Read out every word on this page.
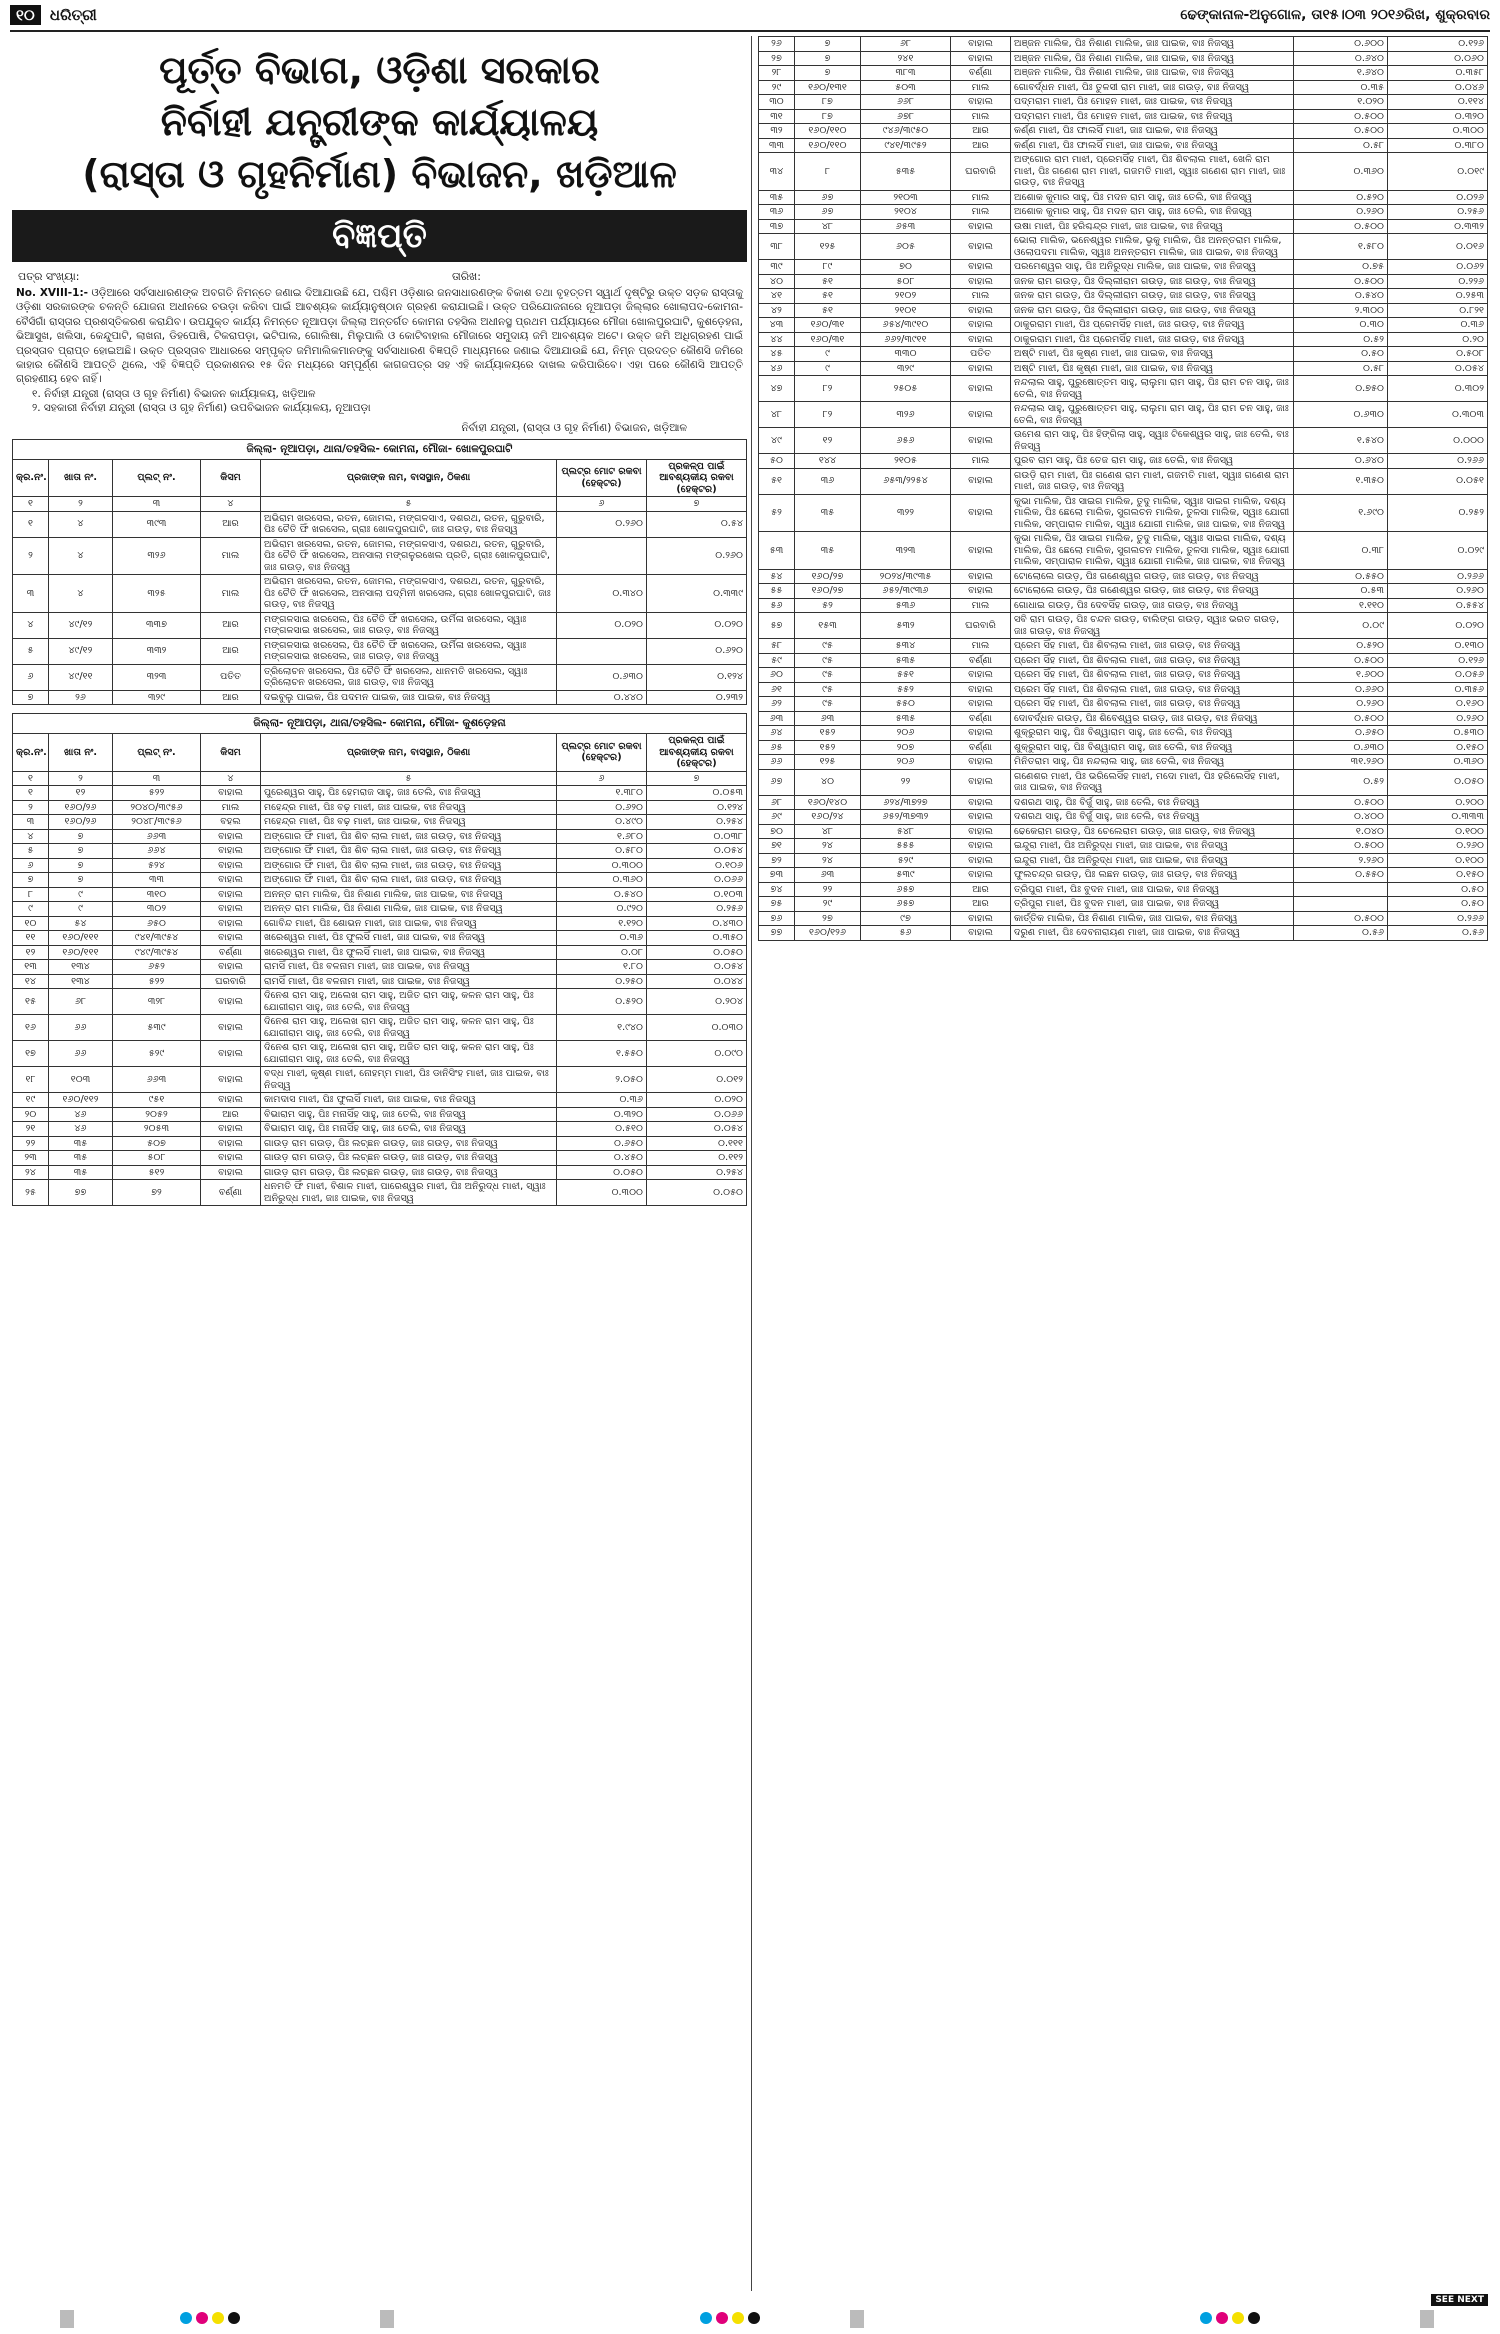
୧୦ ଧରିତ୍ରୀ	ଢେଙ୍କାନାଳ-ଅନୁଗୋଳ, ତା୧୫।୦୩ ୨୦୧୬ରିଖ, ଶୁକ୍ରବାର
ପୂର୍ତ୍ତ ବିଭାଗ, ଓଡ଼ିଶା ସରକାର
ନିର୍ବାହୀ ଯନ୍ତ୍ରୀଙ୍କ କାର୍ଯ୍ୟାଳୟ
(ରାସ୍ତା ଓ ଗୃହନିର୍ମାଣ) ବିଭାଜନ, ଖଡ଼ିଆଳ
ବିଜ୍ଞପ୍ତି
ପତ୍ର ସଂଖ୍ୟା:	ତାରିଖ:
No. XVIII-1:- ଓଡ଼ିଆରେ ସର୍ବସାଧାରଣଙ୍କ ଅବଗତି ନିମନ୍ତେ ଜଣାଇ ଦିଆଯାଉଛି ଯେ, ପଶ୍ଚିମ ଓଡ଼ିଶାର ଜନସାଧାରଣଙ୍କ ବିକାଶ ତଥା ବୃହତ୍ତମ ସ୍ୱାର୍ଥ ଦୃଷ୍ଟିରୁ ଉକ୍ତ ସଡ଼କ ରାସ୍ତାକୁ ଓଡ଼ିଶା ସରକାରଙ୍କ ଚଳନ୍ତି ଯୋଜନା ଅଧୀନରେ ଚଉଡ଼ା କରିବା ପାଇଁ ଆବଶ୍ୟକ କାର୍ଯ୍ୟାନୁଷ୍ଠାନ ଗ୍ରହଣ କରାଯାଇଛି। ଉକ୍ତ ପରିଯୋଜନାରେ ନୂଆପଡ଼ା ଜିଲ୍ଲାର ଖୋଲାପଦ-କୋମନା-ବୈସଁଗାଁ ରାସ୍ତାର ପ୍ରଶସ୍ତିକରଣ କରାଯିବ। ଉପଯୁକ୍ତ କାର୍ଯ୍ୟ ନିମନ୍ତେ ନୂଆପଡ଼ା ଜିଲ୍ଲା ଅନ୍ତର୍ଗତ କୋମନା ତହସିଲ ଅଧୀନସ୍ଥ ପ୍ରଥମ ପର୍ଯ୍ୟାୟରେ ମୌଜା ଖୋଲପୁରଘାଟି, କୁଶଡ଼େହନା, ଭିଆସୁଖ, ଖଲିସା, କେନ୍ଦୁପାଟି, ଲାଖନା, ଡିହପୋଷି, ଟିକରାପଡ଼ା, ଭଟିପାଲ, ଗୋଲିଷା, ମିଲୁପାଲି ଓ କୋଟିବାହାଲ ମୌଜାରେ ସମୁଦାୟ ଜମି ଆବଶ୍ୟକ ଅଟେ। ଉକ୍ତ ଜମି ଅଧିଗ୍ରହଣ ପାଇଁ ପ୍ରସ୍ତାବ ପ୍ରାପ୍ତ ହୋଇଅଛି। ଉକ୍ତ ପ୍ରସ୍ତାବ ଆଧାରରେ ସମ୍ପୃକ୍ତ ଜମିମାଲିକମାନଙ୍କୁ ସର୍ବସାଧାରଣ ବିଜ୍ଞପ୍ତି ମାଧ୍ୟମରେ ଜଣାଇ ଦିଆଯାଉଛି ଯେ, ନିମ୍ନ ପ୍ରଦତ୍ତ କୌଣସି ଜମିରେ କାହାର କୌଣସି ଆପତ୍ତି ଥିଲେ, ଏହି ବିଜ୍ଞପ୍ତି ପ୍ରକାଶନର ୧୫ ଦିନ ମଧ୍ୟରେ ସମ୍ପୂର୍ଣ୍ଣ କାଗଜପତ୍ର ସହ ଏହି କାର୍ଯ୍ୟାଳୟରେ ଦାଖଲ କରିପାରିବେ। ଏହା ପରେ କୌଣସି ଆପତ୍ତି ଗ୍ରହଣୀୟ ହେବ ନାହିଁ।
୧. ନିର୍ବାହୀ ଯନ୍ତ୍ରୀ (ରାସ୍ତା ଓ ଗୃହ ନିର୍ମାଣ) ବିଭାଜନ କାର୍ଯ୍ୟାଳୟ, ଖଡ଼ିଆଳ
୨. ସହକାରୀ ନିର୍ବାହୀ ଯନ୍ତ୍ରୀ (ରାସ୍ତା ଓ ଗୃହ ନିର୍ମାଣ) ଉପବିଭାଜନ କାର୍ଯ୍ୟାଳୟ, ନୂଆପଡ଼ା
ନିର୍ବାହୀ ଯନ୍ତ୍ରୀ, (ରାସ୍ତା ଓ ଗୃହ ନିର୍ମାଣ) ବିଭାଜନ, ଖଡ଼ିଆଳ
ଜିଲ୍ଲା- ନୂଆପଡ଼ା, ଥାନା/ତହସିଲ- କୋମନା, ମୌଜା- ଖୋଳପୁରଘାଟି
କ୍ର.ନଂ.	ଖାତା ନଂ.	ପ୍ଲଟ୍ ନଂ.	କିସମ	ପ୍ରଜାଙ୍କ ନାମ, ବାସସ୍ଥାନ, ଠିକଣା	ପ୍ଲଟ୍‌ର ମୋଟ ରକବା (ହେକ୍ଟର)	ପ୍ରକଳ୍ପ ପାଇଁ ଆବଶ୍ୟକୀୟ ରକବା (ହେକ୍ଟର)
୧	୨	୩	୪	୫	୬	୭
୧	୪	୩୯୩	ଆର	ଅଭିରାମ ଖରସେଲ, ରତନ, ଜୋମଲ, ମଙ୍ଗଳସାଏ, ଦଶରଥ, ରତନ, ଗୁରୁବାରି, ପିଃ ଚୈତି ଫିଁ ଖରସେଲ, ଗ୍ରାଃ ଖୋଳପୁରଘାଟି, ଜାଃ ଗଉଡ଼, ବାଃ ନିଜସ୍ୱ	୦.୨୬୦	୦.୫୪
୨	୪	୩୨୬	ମାଲ	ଅଭିରାମ ଖରସେଲ, ରତନ, ଜୋମଲ, ମଙ୍ଗଳସାଏ, ଦଶରଥ, ରତନ, ଗୁରୁବାରି, ପିଃ ଚୈତି ଫିଁ ଖରସେଲ, ଅନସାଲା ମଙ୍ଗଳୁରଖେଲ ପ୍ରତି, ଗ୍ରାଃ ଖୋଳପୁରଘାଟି, ଜାଃ ଗଉଡ଼, ବାଃ ନିଜସ୍ୱ		୦.୨୬୦
୩	୪	୩୨୫	ମାଲ	ଅଭିରାମ ଖରସେଲ, ରତନ, ଜୋମଲ, ମଙ୍ଗଳସାଏ, ଦଶରଥ, ରତନ, ଗୁରୁବାରି, ପିଃ ଚୈତି ଫିଁ ଖରସେଲ, ଅନସାଲା ପଦ୍ମିନୀ ଖରସେଲ, ଗ୍ରାଃ ଖୋଳପୁରଘାଟି, ଜାଃ ଗଉଡ଼, ବାଃ ନିଜସ୍ୱ	୦.୩୪୦	୦.୩୩୯
୪	୪୯/୧୨	୩୩୭	ଆର	ମଙ୍ଗଳସାଇ ଖରସେଲ, ପିଃ ଚୈତି ଫିଁ ଖରସେଲ, ଉର୍ମିଳା ଖରସେଲ, ସ୍ୱାଃ ମଙ୍ଗଳସାଇ ଖରସେଲ, ଜାଃ ଗଉଡ଼, ବାଃ ନିଜସ୍ୱ	୦.୦୨୦	୦.୦୨୦
୫	୪୯/୧୨	୩୩୨	ଆର	ମଙ୍ଗଳସାଇ ଖରସେଲ, ପିଃ ଚୈତି ଫିଁ ଖରସେଲ, ଉର୍ମିଳା ଖରସେଲ, ସ୍ୱାଃ ମଙ୍ଗଳସାଇ ଖରସେଲ, ଜାଃ ଗଉଡ଼, ବାଃ ନିଜସ୍ୱ		୦.୬୨୦
୬	୪୯/୧୧	୩୨୩	ପତିତ	ତ୍ରିଲୋଚନ ଖରସେଲ, ପିଃ ଚୈତି ଫିଁ ଖରସେଲ, ଧାନମତି ଖରସେଲ, ସ୍ୱାଃ ତ୍ରିଲୋଚନ ଖରସେଲ, ଜାଃ ଗଉଡ଼, ବାଃ ନିଜସ୍ୱ	୦.୬୩୦	୦.୧୨୪
୭	୨୬	୩୨୯	ଆର	ଦଇବୁଲୁ ପାଇକ, ପିଃ ପଦମନ ପାଇକ, ଜାଃ ପାଇକ, ବାଃ ନିଜସ୍ୱ	୦.୪୪୦	୦.୨୩୨
ଜିଲ୍ଲା- ନୂଆପଡ଼ା, ଥାନା/ତହସିଲ- କୋମନା, ମୌଜା- କୁଶଡ଼େହନା
କ୍ର.ନଂ.	ଖାତା ନଂ.	ପ୍ଲଟ୍ ନଂ.	କିସମ	ପ୍ରଜାଙ୍କ ନାମ, ବାସସ୍ଥାନ, ଠିକଣା	ପ୍ଲଟ୍‌ର ମୋଟ ରକବା (ହେକ୍ଟର)	ପ୍ରକଳ୍ପ ପାଇଁ ଆବଶ୍ୟକୀୟ ରକବା (ହେକ୍ଟର)
୧	୨	୩	୪	୫	୬	୭
୧	୧୨	୫୨୨	ବାହାଲ	ପୁରେଶ୍ୱର ସାହୁ, ପିଃ ହେମରାଜ ସାହୁ, ଜାଃ ତେଲି, ବାଃ ନିଜସ୍ୱ	୧.୩୮୦	୦.୦୫୩
୨	୧୬୦/୨୬	୨୦୪୦/୩୯୫୬	ମାଲ	ମହେନ୍ଦ୍ର ମାଝୀ, ପିଃ ବଢ଼ ମାଝୀ, ଜାଃ ପାଇକ, ବାଃ ନିଜସ୍ୱ	୦.୬୨୦	୦.୧୨୪
୩	୧୬୦/୨୬	୨୦୪୮/୩୯୫୬	ବହଲ	ମହେନ୍ଦ୍ର ମାଝୀ, ପିଃ ବଢ଼ ମାଝୀ, ଜାଃ ପାଇକ, ବାଃ ନିଜସ୍ୱ	୦.୪୯୦	୦.୨୫୪
୪	୭	୬୬୩	ବାହାଲ	ଅଙ୍ଗୋର ଫିଁ ମାଝୀ, ପିଃ ଶିବ ଲାଲ ମାଝୀ, ଜାଃ ଗଉଡ଼, ବାଃ ନିଜସ୍ୱ	୧.୬୮୦	୦.୦୩୮
୫	୭	୬୬୪	ବାହାଲ	ଅଙ୍ଗୋର ଫିଁ ମାଝୀ, ପିଃ ଶିବ ଲାଲ ମାଝୀ, ଜାଃ ଗଉଡ଼, ବାଃ ନିଜସ୍ୱ	୦.୫୮୦	୦.୦୫୪
୬	୭	୫୨୪	ବାହାଲ	ଅଙ୍ଗୋର ଫିଁ ମାଝୀ, ପିଃ ଶିବ ଲାଲ ମାଝୀ, ଜାଃ ଗଉଡ଼, ବାଃ ନିଜସ୍ୱ	୦.୩୦୦	୦.୧୦୬
୭	୭	୩୩	ବାହାଲ	ଅଙ୍ଗୋର ଫିଁ ମାଝୀ, ପିଃ ଶିବ ଲାଲ ମାଝୀ, ଜାଃ ଗଉଡ଼, ବାଃ ନିଜସ୍ୱ	୦.୩୬୦	୦.୦୬୬
୮	୯	୩୧୦	ବାହାଲ	ଅନନ୍ତ ରାମ ମାଲିକ, ପିଃ ନିଶାଣ ମାଲିକ, ଜାଃ ପାଇକ, ବାଃ ନିଜସ୍ୱ	୦.୫୪୦	୦.୧୦୩
୯	୯	୩୦୨	ବାହାଲ	ଅନନ୍ତ ରାମ ମାଲିକ, ପିଃ ନିଶାଣ ମାଲିକ, ଜାଃ ପାଇକ, ବାଃ ନିଜସ୍ୱ	୦.୯୨୦	୦.୨୫୬
୧୦	୫୪	୬୫୦	ବାହାଲ	ଗୋବିନ୍ଦ ମାଝୀ, ପିଃ ଶୋଭନ ମାଝୀ, ଜାଃ ପାଇକ, ବାଃ ନିଜସ୍ୱ	୧.୧୨୦	୦.୪୩୦
୧୧	୧୬୦/୧୧୧	୯୪୧/୩୯୫୪	ବାହାଲ	ଖରେଶ୍ୱର ମାଝୀ, ପିଃ ଫୁଲସିଁ ମାଝୀ, ଜାଃ ପାଇକ, ବାଃ ନିଜସ୍ୱ	୦.୩୬	୦.୩୫୦
୧୨	୧୬୦/୧୧୧	୯୪୯/୩୯୫୪	ବର୍ଣ୍ଣା	ଖରେଶ୍ୱର ମାଝୀ, ପିଃ ଫୁଲସିଁ ମାଝୀ, ଜାଃ ପାଇକ, ବାଃ ନିଜସ୍ୱ	୦.୦୮	୦.୦୫୦
୧୩	୧୩୪	୬୫୨	ବାହାଲ	ରାମସିଁ ମାଝୀ, ପିଃ ବଳନାମ ମାଝୀ, ଜାଃ ପାଇକ, ବାଃ ନିଜସ୍ୱ	୧.୮୦	୦.୦୫୪
୧୪	୧୩୪	୫୨୨	ଘରବାରି	ରାମସିଁ ମାଝୀ, ପିଃ ବଳନାମ ମାଝୀ, ଜାଃ ପାଇକ, ବାଃ ନିଜସ୍ୱ	୦.୨୫୦	୦.୦୪୪
୧୫	୬୮	୩୨୮	ବାହାଲ	ଦିନେଶ ରାମ ସାହୁ, ଅଲେଖ ରାମ ସାହୁ, ଅଜିତ ରାମ ସାହୁ, କଳନ ରାମ ସାହୁ, ପିଃ ଯୋଗୀରାମ ସାହୁ, ଜାଃ ତେଲି, ବାଃ ନିଜସ୍ୱ	୦.୫୨୦	୦.୨୦୪
୧୬	୬୬	୫୩୯	ବାହାଲ	ଦିନେଶ ରାମ ସାହୁ, ଅଲେଖ ରାମ ସାହୁ, ଅଜିତ ରାମ ସାହୁ, କଳନ ରାମ ସାହୁ, ପିଃ ଯୋଗୀରାମ ସାହୁ, ଜାଃ ତେଲି, ବାଃ ନିଜସ୍ୱ	୧.୯୪୦	୦.୦୩୦
୧୭	୬୬	୫୨୯	ବାହାଲ	ଦିନେଶ ରାମ ସାହୁ, ଅଲେଖ ରାମ ସାହୁ, ଅଜିତ ରାମ ସାହୁ, କଳନ ରାମ ସାହୁ, ପିଃ ଯୋଗୀରାମ ସାହୁ, ଜାଃ ତେଲି, ବାଃ ନିଜସ୍ୱ	୧.୫୫୦	୦.୦୯୦
୧୮	୧୦୩	୬୬୩	ବାହାଲ	ବଦ୍ଧ ମାଝୀ, କୃଷ୍ଣ ମାଝୀ, ନୋହମ୍ମ ମାଝୀ, ପିଃ ଡାନିସିଂହ ମାଝୀ, ଜାଃ ପାଇକ, ବାଃ ନିଜସ୍ୱ	୨.୦୫୦	୦.୦୧୨
୧୯	୧୬୦/୧୧୨	୯୫୧	ବାହାଲ	କାମଦାସ ମାଝୀ, ପିଃ ଫୁଲସିଁ ମାଝୀ, ଜାଃ ପାଇକ, ବାଃ ନିଜସ୍ୱ	୦.୩୬	୦.୦୨୦
୨୦	୪୬	୨୦୫୨	ଆର	ବିଭାରାମ ସାହୁ, ପିଃ ମନାସିଁହ ସାହୁ, ଜାଃ ତେଲି, ବାଃ ନିଜସ୍ୱ	୦.୩୨୦	୦.୦୬୬
୨୧	୪୬	୨୦୫୩	ବାହାଲ	ବିଭାରାମ ସାହୁ, ପିଃ ମନାସିଁହ ସାହୁ, ଜାଃ ତେଲି, ବାଃ ନିଜସ୍ୱ	୦.୫୧୦	୦.୦୫୪
୨୨	୩୫	୫୦୭	ବାହାଲ	ଗାଉଡ଼ ରାମ ଗଉଡ଼, ପିଃ ଲଚ୍ଛନ ଗଉଡ଼, ଜାଃ ଗଉଡ଼, ବାଃ ନିଜସ୍ୱ	୦.୬୫୦	୦.୧୧୧
୨୩	୩୫	୫୦୮	ବାହାଲ	ଗାଉଡ଼ ରାମ ଗଉଡ଼, ପିଃ ଲଚ୍ଛନ ଗଉଡ଼, ଜାଃ ଗଉଡ଼, ବାଃ ନିଜସ୍ୱ	୦.୪୫୦	୦.୧୧୨
୨୪	୩୫	୫୧୨	ବାହାଲ	ଗାଉଡ଼ ରାମ ଗଉଡ଼, ପିଃ ଲଚ୍ଛନ ଗଉଡ଼, ଜାଃ ଗଉଡ଼, ବାଃ ନିଜସ୍ୱ	୦.୦୫୦	୦.୨୫୪
୨୫	୭୭	୭୨	ବର୍ଣ୍ଣା	ଧନମତି ଫିଁ ମାଝୀ, ବିଶାଳ ମାଝୀ, ପାରେଶ୍ୱର ମାଝୀ, ପିଃ ଅନିରୁଦ୍ଧ ମାଝୀ, ସ୍ୱାଃ ଅନିରୁଦ୍ଧ ମାଝୀ, ଜାଃ ପାଇକ, ବାଃ ନିଜସ୍ୱ	୦.୩୦୦	୦.୦୫୦
୨୬	୭	୬୮	ବାହାଲ	ଅଞ୍ଜନ ମାଲିକ, ପିଃ ନିଶାଣ ମାଲିକ, ଜାଃ ପାଇକ, ବାଃ ନିଜସ୍ୱ	୦.୬୦୦	୦.୧୨୬
୨୭	୭	୨୪୧	ବାହାଲ	ଅଞ୍ଜନ ମାଲିକ, ପିଃ ନିଶାଣ ମାଲିକ, ଜାଃ ପାଇକ, ବାଃ ନିଜସ୍ୱ	୦.୬୪୦	୦.୦୬୦
୨୮	୭	୩୮୩	ବର୍ଣ୍ଣା	ଅଞ୍ଜନ ମାଲିକ, ପିଃ ନିଶାଣ ମାଲିକ, ଜାଃ ପାଇକ, ବାଃ ନିଜସ୍ୱ	୧.୬୪୦	୦.୩୫୮
୨୯	୧୬୦/୧୩୧	୫୦୩	ମାଲ	ଗୋବର୍ଦ୍ଧନ ମାଝୀ, ପିଃ ତୁଳସୀ ରାମ ମାଝୀ, ଜାଃ ଗଉଡ଼, ବାଃ ନିଜସ୍ୱ	୦.୩୫	୦.୦୪୬
୩୦	୮୭	୬୬୮	ବାହାଲ	ପଦ୍ମରାମ ମାଝୀ, ପିଃ ମୋହନ ମାଝୀ, ଜାଃ ପାଇକ, ବାଃ ନିଜସ୍ୱ	୧.୦୨୦	୦.୧୧୪
୩୧	୮୭	୬୭୮	ମାଲ	ପଦ୍ମରାମ ମାଝୀ, ପିଃ ମୋହନ ମାଝୀ, ଜାଃ ପାଇକ, ବାଃ ନିଜସ୍ୱ	୦.୫୦୦	୦.୩୨୦
୩୨	୧୬୦/୧୧୦	୯୪୬/୩୯୫୦	ଆର	କର୍ଣ୍ଣ ମାଝୀ, ପିଃ ଫାଲସିଁ ମାଝୀ, ଜାଃ ପାଇକ, ବାଃ ନିଜସ୍ୱ	୦.୫୦୦	୦.୩୦୦
୩୩	୧୬୦/୧୧୦	୯୪୧/୩୯୫୨	ଆର	କର୍ଣ୍ଣ ମାଝୀ, ପିଃ ଫାଲସିଁ ମାଝୀ, ଜାଃ ପାଇକ, ବାଃ ନିଜସ୍ୱ	୦.୫୮	୦.୩୮୦
୩୪	୮	୫୩୫	ଘରବାରି	ଅଙ୍ଗୋର ରାମ ମାଝୀ, ପ୍ରେମସିଁହ ମାଝୀ, ପିଃ ଶିବଲାଲ ମାଝୀ, ଖେଳି ରାମ ମାଝୀ, ପିଃ ଗଣେଶ ରାମ ମାଝୀ, ଗଜମତି ମାଝୀ, ସ୍ୱାଃ ଗଣେଶ ରାମ ମାଝୀ, ଜାଃ ଗଉଡ଼, ବାଃ ନିଜସ୍ୱ	୦.୩୬୦	୦.୦୧୯
୩୫	୬୭	୨୧୦୩	ମାଲ	ଅଶୋକ କୁମାର ସାହୁ, ପିଃ ମଦନ ରାମ ସାହୁ, ଜାଃ ତେଲି, ବାଃ ନିଜସ୍ୱ	୦.୫୨୦	୦.୦୨୬
୩୬	୬୭	୨୧୦୪	ମାଲ	ଅଶୋକ କୁମାର ସାହୁ, ପିଃ ମଦନ ରାମ ସାହୁ, ଜାଃ ତେଲି, ବାଃ ନିଜସ୍ୱ	୦.୨୬୦	୦.୨୫୬
୩୭	୪୮	୬୫୩	ବାହାଲ	ଉଷା ମାଝୀ, ପିଃ ହରିଶ୍ଚନ୍ଦ୍ର ମାଝୀ, ଜାଃ ପାଇକ, ବାଃ ନିଜସ୍ୱ	୦.୫୦୦	୦.୩୩୨
୩୮	୧୨୫	୬୦୫	ବାହାଲ	ଭୋଲା ମାଲିକ, ଭନେଶ୍ୱର ମାଲିକ, ଭୃକୁ ମାଲିକ, ପିଃ ଅନନ୍ତରାମ ମାଲିକ, ଓଲୋପଦମା ମାଲିକ, ସ୍ୱାଃ ଅନନ୍ତରାମ ମାଲିକ, ଜାଃ ପାଇକ, ବାଃ ନିଜସ୍ୱ	୧.୫୮୦	୦.୦୧୬
୩୯	୮୯	୭୦	ବାହାଲ	ପରମେଶ୍ୱର ସାହୁ, ପିଃ ଅନିରୁଦ୍ଧ ମାଲିକ, ଜାଃ ପାଇକ, ବାଃ ନିଜସ୍ୱ	୦.୭୫	୦.୦୬୨
୪୦	୫୧	୫୦୮	ବାହାଲ	ଜନକ ରାମ ଗଉଡ଼, ପିଃ ଦିଲ୍ଲୀରାମ ଗଉଡ଼, ଜାଃ ଗଉଡ଼, ବାଃ ନିଜସ୍ୱ	୦.୫୦୦	୦.୨୨୬
୪୧	୫୧	୨୧୦୨	ମାଲ	ଜନକ ରାମ ଗଉଡ଼, ପିଃ ଦିଲ୍ଲୀରାମ ଗଉଡ଼, ଜାଃ ଗଉଡ଼, ବାଃ ନିଜସ୍ୱ	୦.୫୪୦	୦.୨୫୩
୪୨	୫୧	୨୧୦୧	ବାହାଲ	ଜନକ ରାମ ଗଉଡ଼, ପିଃ ଦିଲ୍ଲୀରାମ ଗଉଡ଼, ଜାଃ ଗଉଡ଼, ବାଃ ନିଜସ୍ୱ	୨.୩୦୦	୦.୮୨୧
୪୩	୧୬୦/୩୧	୬୫୪/୩୯୧୦	ବାହାଲ	ଠାକୁରରାମ ମାଝୀ, ପିଃ ପ୍ରେମସିଁହ ମାଝୀ, ଜାଃ ଗଉଡ଼, ବାଃ ନିଜସ୍ୱ	୦.୩୦	୦.୩୬
୪୪	୧୬୦/୩୧	୬୬୨/୩୯୧୧	ବାହାଲ	ଠାକୁରରାମ ମାଝୀ, ପିଃ ପ୍ରେମସିଁହ ମାଝୀ, ଜାଃ ଗଉଡ଼, ବାଃ ନିଜସ୍ୱ	୦.୫୨	୦.୨୦
୪୫	୯	୩୩୦	ପତିତ	ଅଷ୍ଟି ମାଝୀ, ପିଃ କୃଷ୍ଣ ମାଝୀ, ଜାଃ ପାଇକ, ବାଃ ନିଜସ୍ୱ	୦.୫୦	୦.୫୦୮
୪୬	୯	୩୨୯	ବାହାଲ	ଅଷ୍ଟି ମାଝୀ, ପିଃ କୃଷ୍ଣ ମାଝୀ, ଜାଃ ପାଇକ, ବାଃ ନିଜସ୍ୱ	୦.୫୮	୦.୦୫୪
୪୭	୮୨	୨୫୦୫	ବାହାଲ	ନନ୍ଦଲାଲ ସାହୁ, ପୁରୁଷୋତ୍ତମ ସାହୁ, ଲାଲୁମା ରାମ ସାହୁ, ପିଃ ରାମ ଚନ ସାହୁ, ଜାଃ ତେଲି, ବାଃ ନିଜସ୍ୱ	୦.୭୫୦	୦.୩୦୨
୪୮	୮୨	୩୨୬	ବାହାଲ	ନନ୍ଦଲାଲ ସାହୁ, ପୁରୁଷୋତ୍ତମ ସାହୁ, ଲାଲୁମା ରାମ ସାହୁ, ପିଃ ରାମ ଚନ ସାହୁ, ଜାଃ ତେଲି, ବାଃ ନିଜସ୍ୱ	୦.୬୩୦	୦.୩୦୩
୪୯	୧୨	୬୫୬	ବାହାଲ	ଉମେଶ ରାମ ସାହୁ, ପିଃ ହିଙ୍ଗିଲା ସାହୁ, ସ୍ୱାଃ ଟିକେଶ୍ୱର ସାହୁ, ଜାଃ ତେଲି, ବାଃ ନିଜସ୍ୱ	୧.୫୪୦	୦.୦୦୦
୫୦	୧୪୪	୨୧୦୫	ମାଲ	ପୁରବ ରାମ ସାହୁ, ପିଃ ତେଜ ରାମ ସାହୁ, ଜାଃ ତେଲି, ବାଃ ନିଜସ୍ୱ	୦.୬୪୦	୦.୨୬୬
୫୧	୩୬	୬୫୩/୨୨୫୪	ବାହାଲ	ଗଉଡ଼ି ରାମ ମାଝୀ, ପିଃ ଗଣେଶ ରାମ ମାଝୀ, ଗଜମତି ମାଝୀ, ସ୍ୱାଃ ଗଣେଶ ରାମ ମାଝୀ, ଜାଃ ଗଉଡ଼, ବାଃ ନିଜସ୍ୱ	୧.୩୫୦	୦.୦୫୧
୫୨	୩୫	୩୨୨	ବାହାଲ	କୁଭା ମାଲିକ, ପିଃ ସାଇଗ ମାଲିକ, ତୁଦୁ ମାଲିକ, ସ୍ୱାଃ ସାଇଗ ମାଲିକ, ଦଶ୍ୟ ମାଲିକ, ପିଃ ଛେଲୋ ମାଲିକ, ସୁଗଲଚନ ମାଲିକ, ତୁଳସା ମାଲିକ, ସ୍ୱାଃ ଯୋଗୀ ମାଲିକ, ସମ୍ପାରାଳ ମାଲିକ, ସ୍ୱାଃ ଯୋଗୀ ମାଲିକ, ଜାଃ ପାଇକ, ବାଃ ନିଜସ୍ୱ	୧.୬୯୦	୦.୨୫୨
୫୩	୩୫	୩୨୩	ବାହାଲ	କୁଭା ମାଲିକ, ପିଃ ସାଇଗ ମାଲିକ, ତୁଦୁ ମାଲିକ, ସ୍ୱାଃ ସାଇଗ ମାଲିକ, ଦଶ୍ୟ ମାଲିକ, ପିଃ ଛେଲୋ ମାଲିକ, ସୁଗଲଚନ ମାଲିକ, ତୁଳସା ମାଲିକ, ସ୍ୱାଃ ଯୋଗୀ ମାଲିକ, ସମ୍ପାରାଳ ମାଲିକ, ସ୍ୱାଃ ଯୋଗୀ ମାଲିକ, ଜାଃ ପାଇକ, ବାଃ ନିଜସ୍ୱ	୦.୩୮	୦.୦୨୯
୫୪	୧୬୦/୨୭	୨୦୨୪/୩୯୩୫	ବାହାଲ	ଟୋଲୋଲେ ଗଉଡ଼, ପିଃ ଗଣେଶ୍ୱର ଗଉଡ଼, ଜାଃ ଗଉଡ଼, ବାଃ ନିଜସ୍ୱ	୦.୫୫୦	୦.୨୬୬
୫୫	୧୬୦/୨୭	୬୫୨/୩୯୩୬	ବାହାଲ	ଟୋଲୋଲେ ଗଉଡ଼, ପିଃ ଗଣେଶ୍ୱର ଗଉଡ଼, ଜାଃ ଗଉଡ଼, ବାଃ ନିଜସ୍ୱ	୦.୫୩	୦.୨୬୦
୫୬	୫୨	୫୩୬	ମାଲ	ଗୋଧାଇ ଗଉଡ଼, ପିଃ ଦେବସିଁହ ଗଉଡ଼, ଜାଃ ଗଉଡ଼, ବାଃ ନିଜସ୍ୱ	୧.୧୧୦	୦.୫୫୪
୫୭	୧୫୩	୫୩୨	ଘରବାରି	ସବି ରାମ ଗଉଡ଼, ପିଃ ଚନ୍ଦନ ଗଉଡ଼, ବାଲିଙ୍ଗ ଗଉଡ଼, ସ୍ୱାଃ ଭରତ ଗଉଡ଼, ଜାଃ ଗଉଡ଼, ବାଃ ନିଜସ୍ୱ	୦.୦୯	୦.୦୨୦
୫୮	୯୫	୫୩୪	ମାଲ	ପ୍ରେମ ସିଁହ ମାଝୀ, ପିଃ ଶିବଲାଲ ମାଝୀ, ଜାଃ ଗଉଡ଼, ବାଃ ନିଜସ୍ୱ	୦.୫୨୦	୦.୧୩୦
୫୯	୯୫	୫୩୫	ବର୍ଣ୍ଣା	ପ୍ରେମ ସିଁହ ମାଝୀ, ପିଃ ଶିବଲାଲ ମାଝୀ, ଜାଃ ଗଉଡ଼, ବାଃ ନିଜସ୍ୱ	୦.୫୦୦	୦.୧୨୬
୬୦	୯୫	୫୫୧	ବାହାଲ	ପ୍ରେମ ସିଁହ ମାଝୀ, ପିଃ ଶିବଲାଲ ମାଝୀ, ଜାଃ ଗଉଡ଼, ବାଃ ନିଜସ୍ୱ	୧.୬୦୦	୦.୦୫୬
୬୧	୯୫	୫୫୨	ବାହାଲ	ପ୍ରେମ ସିଁହ ମାଝୀ, ପିଃ ଶିବଲାଲ ମାଝୀ, ଜାଃ ଗଉଡ଼, ବାଃ ନିଜସ୍ୱ	୦.୬୬୦	୦.୩୫୬
୬୨	୯୫	୫୫୦	ବାହାଲ	ପ୍ରେମ ସିଁହ ମାଝୀ, ପିଃ ଶିବଲାଲ ମାଝୀ, ଜାଃ ଗଉଡ଼, ବାଃ ନିଜସ୍ୱ	୦.୨୬୦	୦.୧୬୦
୬୩	୬୩	୫୩୫	ବର୍ଣ୍ଣା	ଦୋବର୍ଦ୍ଧନ ଗଉଡ଼, ପିଃ ଶିବେଶ୍ୱର ଗଉଡ଼, ଜାଃ ଗଉଡ଼, ବାଃ ନିଜସ୍ୱ	୦.୫୦୦	୦.୨୬୦
୬୪	୧୫୨	୨୦୬	ବାହାଲ	ଶୁକ୍ରୁରାମ ସାହୁ, ପିଃ ବିଶ୍ୱାରାମ ସାହୁ, ଜାଃ ତେଲି, ବାଃ ନିଜସ୍ୱ	୦.୬୫୦	୦.୫୩୦
୬୫	୧୫୨	୨୦୭	ବର୍ଣ୍ଣା	ଶୁକ୍ରୁରାମ ସାହୁ, ପିଃ ବିଶ୍ୱାରାମ ସାହୁ, ଜାଃ ତେଲି, ବାଃ ନିଜସ୍ୱ	୦.୬୩୦	୦.୧୫୦
୬୬	୧୨୫	୨୦୬	ବାହାଲ	ମିନିତରାମ ସାହୁ, ପିଃ ନନ୍ଦଲାଲ ସାହୁ, ଜାଃ ତେଲି, ବାଃ ନିଜସ୍ୱ	୩୧.୨୬୦	୦.୩୬୦
୬୭	୪୦	୨୨	ବାହାଲ	ଗଣେଶର ମାଝୀ, ପିଃ ଭରିଲେସିଁହ ମାଝୀ, ମଦୋ ମାଝୀ, ପିଃ ହରିଲେସିଁହ ମାଝୀ, ଜାଃ ପାଇକ, ବାଃ ନିଜସ୍ୱ	୦.୫୨	୦.୦୫୦
୬୮	୧୬୦/୧୪୦	୬୨୪/୩୭୨୭	ବାହାଲ	ଦଶରଥ ସାହୁ, ପିଃ ବିର୍ଜୁ ସାହୁ, ଜାଃ ତେଲି, ବାଃ ନିଜସ୍ୱ	୦.୫୦୦	୦.୨୦୦
୬୯	୧୬୦/୨୪	୬୫୨/୩୭୩୨	ବାହାଲ	ଦଶରଥ ସାହୁ, ପିଃ ବିର୍ଜୁ ସାହୁ, ଜାଃ ତେଲି, ବାଃ ନିଜସ୍ୱ	୦.୪୦୦	୦.୩୩୩
୭୦	୪୮	୫୪୮	ବାହାଲ	ଢେକେରାମ ଗଉଡ଼, ପିଃ ଚେଲେରାମ ଗଉଡ଼, ଜାଃ ଗଉଡ଼, ବାଃ ନିଜସ୍ୱ	୧.୦୪୦	୦.୧୦୦
୭୧	୨୪	୫୫୫	ବାହାଲ	ଇନ୍ଦୁରା ମାଝୀ, ପିଃ ଅନିରୁଦ୍ଧ ମାଝୀ, ଜାଃ ପାଇକ, ବାଃ ନିଜସ୍ୱ	୦.୫୦୦	୦.୨୬୦
୭୨	୨୪	୫୨୯	ବାହାଲ	ଇନ୍ଦୁରା ମାଝୀ, ପିଃ ଅନିରୁଦ୍ଧ ମାଝୀ, ଜାଃ ପାଇକ, ବାଃ ନିଜସ୍ୱ	୨.୨୬୦	୦.୧୦୦
୭୩	୬୩	୫୩୯	ବାହାଲ	ଫୁଲଚନ୍ଦ୍ର ଗଉଡ଼, ପିଃ ଲଛନ ଗଉଡ଼, ଜାଃ ଗଉଡ଼, ବାଃ ନିଜସ୍ୱ	୦.୫୫୦	୦.୧୫୦
୭୪	୨୨	୬୫୭	ଆର	ତ୍ରିପୁରା ମାଝୀ, ପିଃ ବୁଦନ ମାଝୀ, ଜାଃ ପାଇକ, ବାଃ ନିଜସ୍ୱ		୦.୫୦
୭୫	୨୯	୬୫୭	ଆର	ତ୍ରିପୁରା ମାଝୀ, ପିଃ ବୁଦନ ମାଝୀ, ଜାଃ ପାଇକ, ବାଃ ନିଜସ୍ୱ		୦.୫୦
୭୬	୨୭	୯୭	ବାହାଲ	କାର୍ତ୍ତିକ ମାଲିକ, ପିଃ ନିଶାଣ ମାଲିକ, ଜାଃ ପାଇକ, ବାଃ ନିଜସ୍ୱ	୦.୫୦୦	୦.୨୬୬
୭୭	୧୬୦/୧୨୬	୫୬	ବାହାଲ	ଦରୁଣ ମାଝୀ, ପିଃ ଦେବନାରାୟଣ ମାଝୀ, ଜାଃ ପାଇକ, ବାଃ ନିଜସ୍ୱ	୦.୫୬	୦.୫୬
SEE NEXT
